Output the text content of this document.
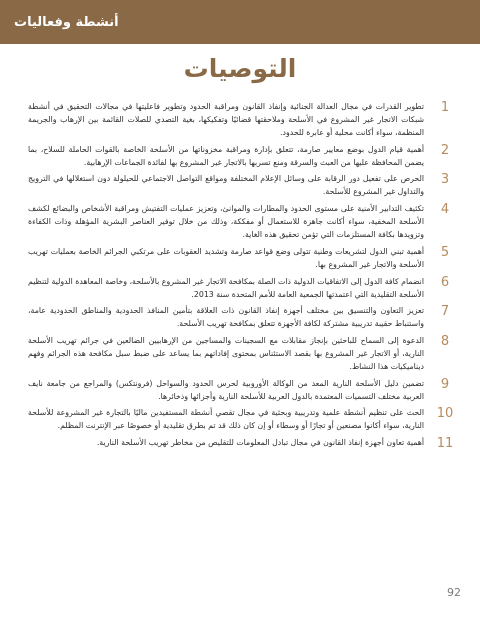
أنشطة وفعاليات
التوصيات
1
تطوير القدرات في مجال العدالة الجنائية وإنفاذ القانون ومراقبة الحدود وتطوير فاعليتها في مجالات التحقيق في أنشطة شبكات الاتجار غير المشروع في الأسلحة وملاحقتها قضائيًا وتفكيكها، بغية التصدي للصلات القائمة بين الإرهاب والجريمة المنظمة، سواء أكانت محلية أو عابرة للحدود.
2
أهمية قيام الدول بوضع معايير صارمة، تتعلق بإدارة ومراقبة مخزوناتها من الأسلحة الخاصة بالقوات الحاملة للسلاح، بما يضمن المحافظة عليها من العبث والسرقة ومنع تسربها بالاتجار غير المشروع بها لفائدة الجماعات الإرهابية.
3
الحرص على تفعيل دور الرقابة على وسائل الإعلام المختلفة ومواقع التواصل الاجتماعي للحيلولة دون استغلالها في الترويج والتداول غير المشروع للأسلحة.
4
تكثيف التدابير الأمنية على مستوى الحدود والمطارات والموانئ، وتعزيز عمليات التفتيش ومراقبة الأشخاص والبضائع لكشف الأسلحة المخفية، سواء أكانت جاهزة للاستعمال أو مفككة، وذلك من خلال توفير العناصر البشرية المؤهلة وذات الكفاءة وتزويدها بكافة المستلزمات التي تؤمن تحقيق هذه الغاية.
5
أهمية تبني الدول لتشريعات وطنية تتولى وضع قواعد صارمة وتشديد العقوبات على مرتكبي الجرائم الخاصة بعمليات تهريب الأسلحة والاتجار غير المشروع بها.
6
انضمام كافة الدول إلى الاتفاقيات الدولية ذات الصلة بمكافحة الاتجار غير المشروع بالأسلحة، وخاصة المعاهدة الدولية لتنظيم الأسلحة التقليدية التي اعتمدتها الجمعية العامة للأمم المتحدة سنة 2013.
7
تعزيز التعاون والتنسيق بين مختلف أجهزة إنفاذ القانون ذات العلاقة بتأمين المنافذ الحدودية والمناطق الحدودية عامة، واستنباط حقيبة تدريبية مشتركة لكافة الأجهزة تتعلق بمكافحة تهريب الأسلحة.
8
الدعوة إلى السماح للباحثين بإنجاز مقابلات مع السجينات والمساجين من الإرهابيين الضالعين في جرائم تهريب الأسلحة النارية، أو الاتجار غير المشروع بها بقصد الاستئناس بمحتوى إفاداتهم بما يساعد على ضبط سبل مكافحة هذه الجرائم وفهم ديناميكيات هذا النشاط.
9
تضمين دليل الأسلحة النارية المعد من الوكالة الأوروبية لحرس الحدود والسواحل (فرونتكس) والمراجع من جامعة نايف العربية مختلف التسميات المعتمدة بالدول العربية للأسلحة النارية وأجزائها وذخائرها.
10
الحث على تنظيم أنشطة علمية وتدريبية وبحثية في مجال تقصي أنشطة المستفيدين ماليًا بالتجارة غير المشروعة للأسلحة النارية، سواء أكانوا مصنعين أو تجارًا أو وسطاء أو إن كان ذلك قد تم بطرق تقليدية أو خصوصًا عبر الإنترنت المظلم.
11
أهمية تعاون أجهزة إنفاذ القانون في مجال تبادل المعلومات للتقليص من مخاطر تهريب الأسلحة النارية.
92
